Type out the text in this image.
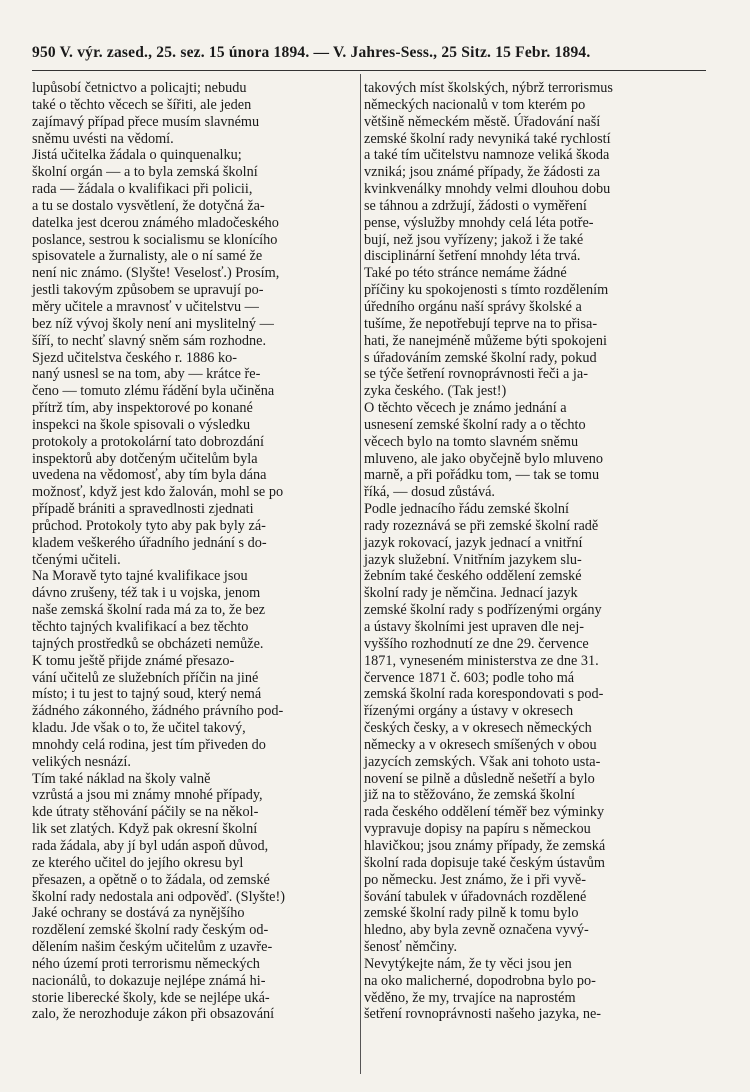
950 V. výr. zased., 25. sez. 15 února 1894. — V. Jahres-Sess., 25 Sitz. 15 Febr. 1894.
lupůsobí četnictvo a policajti; nebudu
také o těchto věcech se šířiti, ale jeden
zajímavý případ přece musím slavnému
sněmu uvésti na vědomí.
Jistá učitelka žádala o quinquenalku;
školní orgán — a to byla zemská školní
rada — žádala o kvalifikaci při policii,
a tu se dostalo vysvětlení, že dotyčná ža-
datelka jest dcerou známého mladočeského
poslance, sestrou k socialismu se klonícího
spisovatele a žurnalisty, ale o ní samé že
není nic známo. (Slyšte! Veselosť.) Prosím,
jestli takovým způsobem se upravují po-
měry učitele a mravnosť v učitelstvu —
bez níž vývoj školy není ani myslitelný —
šíří, to nechť slavný sněm sám rozhodne.
Sjezd učitelstva českého r. 1886 ko-
naný usnesl se na tom, aby — krátce ře-
čeno — tomuto zlému řádění byla učiněna
přítrž tím, aby inspektorové po konané
inspekci na škole spisovali o výsledku
protokoly a protokolární tato dobrozdání
inspektorů aby dotčeným učitelům byla
uvedena na vědomosť, aby tím byla dána
možnosť, když jest kdo žalován, mohl se po
případě brániti a spravedlnosti zjednati
průchod. Protokoly tyto aby pak byly zá-
kladem veškerého úřadního jednání s do-
tčenými učiteli.
Na Moravě tyto tajné kvalifikace jsou
dávno zrušeny, též tak i u vojska, jenom
naše zemská školní rada má za to, že bez
těchto tajných kvalifikací a bez těchto
tajných prostředků se obcházeti nemůže.
K tomu ještě přijde známé přesazo-
vání učitelů ze služebních příčin na jiné
místo; i tu jest to tajný soud, který nemá
žádného zákonného, žádného právního pod-
kladu. Jde však o to, že učitel takový,
mnohdy celá rodina, jest tím přiveden do
velikých nesnází.
Tím také náklad na školy valně
vzrůstá a jsou mi známy mnohé případy,
kde útraty stěhování páčily se na někol-
lik set zlatých. Když pak okresní školní
rada žádala, aby jí byl udán aspoň důvod,
ze kterého učitel do jejího okresu byl
přesazen, a opětně o to žádala, od zemské
školní rady nedostala ani odpověď. (Slyšte!)
Jaké ochrany se dostává za nynějšího
rozdělení zemské školní rady českým od-
dělením našim českým učitelům z uzavře-
ného území proti terrorismu německých
nacionálů, to dokazuje nejlépe známá hi-
storie liberecké školy, kde se nejlépe uká-
zalo, že nerozhoduje zákon při obsazování
takových míst školských, nýbrž terrorismus
německých nacionalů v tom kterém po
většině německém městě. Úřadování naší
zemské školní rady nevyniká také rychlostí
a také tím učitelstvu namnoze veliká škoda
vzniká; jsou známé případy, že žádosti za
kvinkvenálky mnohdy velmi dlouhou dobu
se táhnou a zdržují, žádosti o vyměření
pense, výslužby mnohdy celá léta potře-
bují, než jsou vyřízeny; jakož i že také
disciplinární šetření mnohdy léta trvá.
Také po této stránce nemáme žádné
příčiny ku spokojenosti s tímto rozdělením
úředního orgánu naší správy školské a
tušíme, že nepotřebují teprve na to přisa-
hati, že nanejméně můžeme býti spokojeni
s úřadováním zemské školní rady, pokud
se týče šetření rovnoprávnosti řeči a ja-
zyka českého. (Tak jest!)
O těchto věcech je známo jednání a
usnesení zemské školní rady a o těchto
věcech bylo na tomto slavném sněmu
mluveno, ale jako obyčejně bylo mluveno
marně, a při pořádku tom, — tak se tomu
říká, — dosud zůstává.
Podle jednacího řádu zemské školní
rady rozeznává se při zemské školní radě
jazyk rokovací, jazyk jednací a vnitřní
jazyk služební. Vnitřním jazykem slu-
žebním také českého oddělení zemské
školní rady je němčina. Jednací jazyk
zemské školní rady s podřízenými orgány
a ústavy školními jest upraven dle nej-
vyššího rozhodnutí ze dne 29. července
1871, vyneseném ministerstva ze dne 31.
července 1871 č. 603; podle toho má
zemská školní rada korespondovati s pod-
řízenými orgány a ústavy v okresech
českých česky, a v okresech německých
německy a v okresech smíšených v obou
jazycích zemských. Však ani tohoto usta-
novení se pilně a důsledně nešetří a bylo
již na to stěžováno, že zemská školní
rada českého oddělení téměř bez výminky
vypravuje dopisy na papíru s německou
hlavičkou; jsou známy případy, že zemská
školní rada dopisuje také českým ústavům
po německu. Jest známo, že i při vyvě-
šování tabulek v úřadovnách rozdělené
zemské školní rady pilně k tomu bylo
hledno, aby byla zevně označena vyvý-
šenosť němčiny.
Nevytýkejte nám, že ty věci jsou jen
na oko malicherné, dopodrobna bylo po-
věděno, že my, trvajíce na naprostém
šetření rovnoprávnosti našeho jazyka, ne-
